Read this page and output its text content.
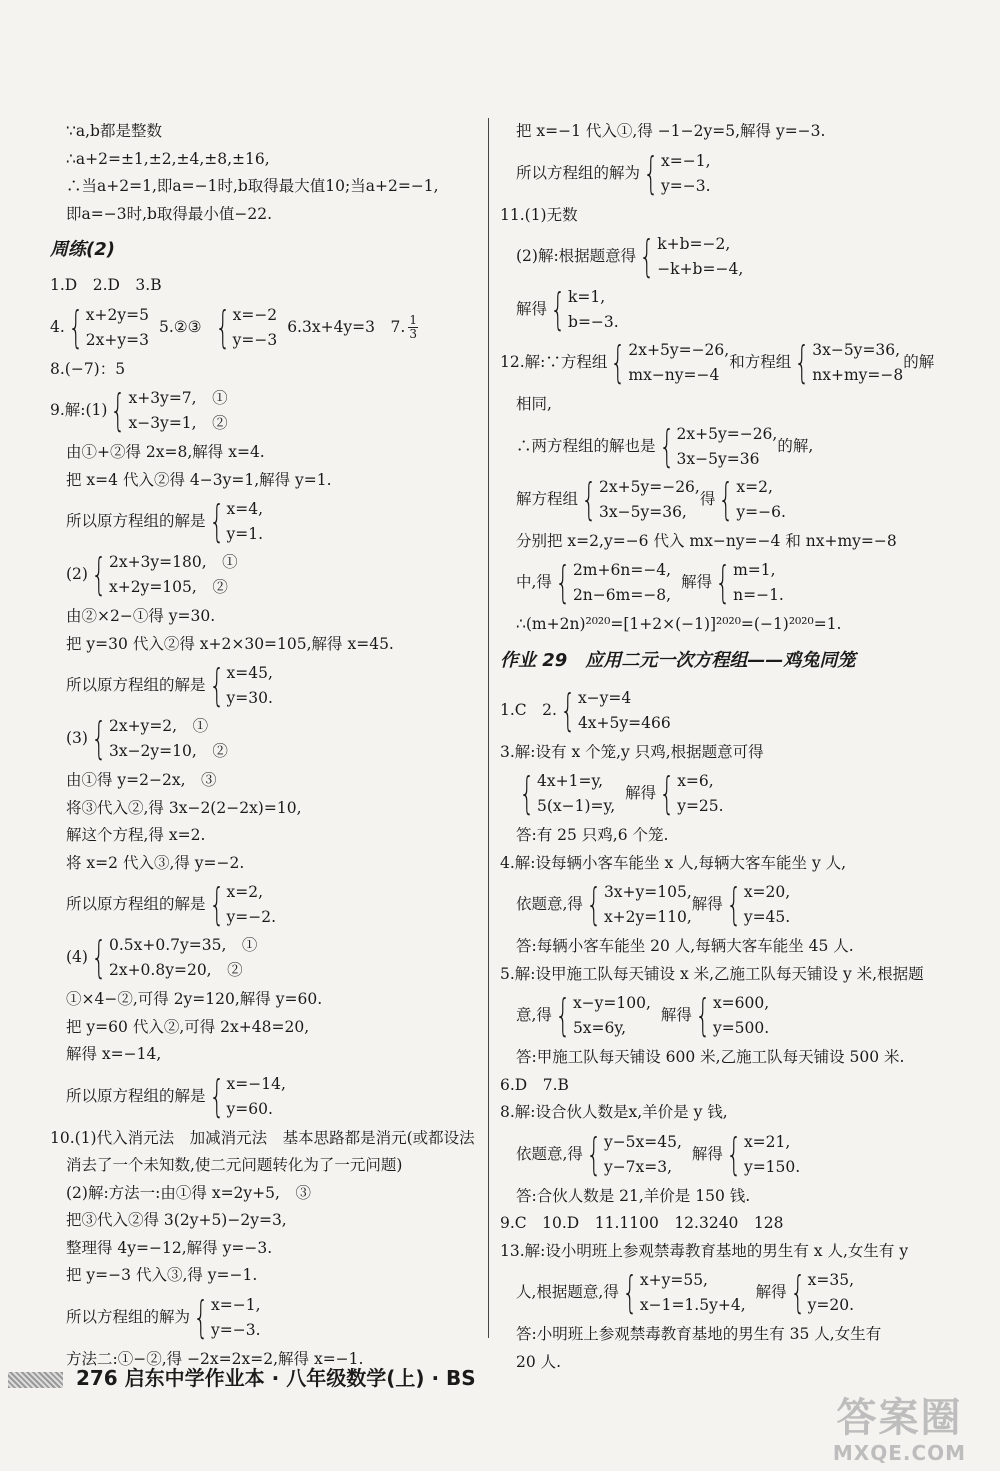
∵a,b都是整数
∴a+2=±1,±2,±4,±8,±16,
∴当a+2=1,即a=−1时,b取得最大值10;当a+2=−1,
即a=−3时,b取得最小值−22.
周练(2)
1.D　2.D　3.B
4. { x+2y=5
2x+y=3
5.②③ { x=−2
y=−3
6.3x+4y=3　7. $\frac{1}{3}$
8.(−7)：5
9.解:(1) { x+3y=7,　①
x−3y=1,　②
由①+②得 2x=8,解得 x=4.
把 x=4 代入②得 4−3y=1,解得 y=1.
所以原方程组的解是 { x=4,
y=1.
(2) { 2x+3y=180,　①
x+2y=105,　②
由②×2−①得 y=30.
把 y=30 代入②得 x+2×30=105,解得 x=45.
所以原方程组的解是 { x=45,
y=30.
(3) { 2x+y=2,　①
3x−2y=10,　②
由①得 y=2−2x,　③
将③代入②,得 3x−2(2−2x)=10,
解这个方程,得 x=2.
将 x=2 代入③,得 y=−2.
所以原方程组的解是 { x=2,
y=−2.
(4) { 0.5x+0.7y=35,　①
2x+0.8y=20,　②
①×4−②,可得 2y=120,解得 y=60.
把 y=60 代入②,可得 2x+48=20,
解得 x=−14,
所以原方程组的解是 { x=−14,
y=60.
10.(1)代入消元法　加减消元法　基本思路都是消元(或都设法
消去了一个未知数,使二元问题转化为了一元问题)
(2)解:方法一:由①得 x=2y+5,　③
把③代入②得 3(2y+5)−2y=3,
整理得 4y=−12,解得 y=−3.
把 y=−3 代入③,得 y=−1.
所以方程组的解为 { x=−1,
y=−3.
方法二:①−②,得 −2x=2x=2,解得 x=−1.
把 x=−1 代入①,得 −1−2y=5,解得 y=−3.
所以方程组的解为 { x=−1,
y=−3.
11.(1)无数
(2)解:根据题意得 { k+b=−2,
−k+b=−4,
解得 { k=1,
b=−3.
12.解:∵方程组 { 2x+5y=−26,
mx−ny=−4
和方程组 { 3x−5y=36,
nx+my=−8
的解
相同,
∴两方程组的解也是 { 2x+5y=−26,
3x−5y=36
的解,
解方程组 { 2x+5y=−26,
3x−5y=36,
得 { x=2,
y=−6.
分别把 x=2,y=−6 代入 mx−ny=−4 和 nx+my=−8
中,得 { 2m+6n=−4,
2n−6m=−8,
解得 { m=1,
n=−1.
∴(m+2n)²⁰²⁰=[1+2×(−1)]²⁰²⁰=(−1)²⁰²⁰=1.
作业 29　应用二元一次方程组——鸡兔同笼
1.C　2. { x−y=4
4x+5y=466
3.解:设有 x 个笼,y 只鸡,根据题意可得
{ 4x+1=y,
5(x−1)=y,
解得 { x=6,
y=25.
答:有 25 只鸡,6 个笼.
4.解:设每辆小客车能坐 x 人,每辆大客车能坐 y 人,
依题意,得 { 3x+y=105,
x+2y=110,
解得 { x=20,
y=45.
答:每辆小客车能坐 20 人,每辆大客车能坐 45 人.
5.解:设甲施工队每天铺设 x 米,乙施工队每天铺设 y 米,根据题
意,得 { x−y=100,
5x=6y,
解得 { x=600,
y=500.
答:甲施工队每天铺设 600 米,乙施工队每天铺设 500 米.
6.D　7.B
8.解:设合伙人数是x,羊价是 y 钱,
依题意,得 { y−5x=45,
y−7x=3,
解得 { x=21,
y=150.
答:合伙人数是 21,羊价是 150 钱.
9.C　10.D　11.1100　12.3240　128
13.解:设小明班上参观禁毒教育基地的男生有 x 人,女生有 y
人,根据题意,得 { x+y=55,
x−1=1.5y+4,
解得 { x=35,
y=20.
答:小明班上参观禁毒教育基地的男生有 35 人,女生有
20 人.
276 启东中学作业本 · 八年级数学(上) · BS
答案圈
MXQE.COM
